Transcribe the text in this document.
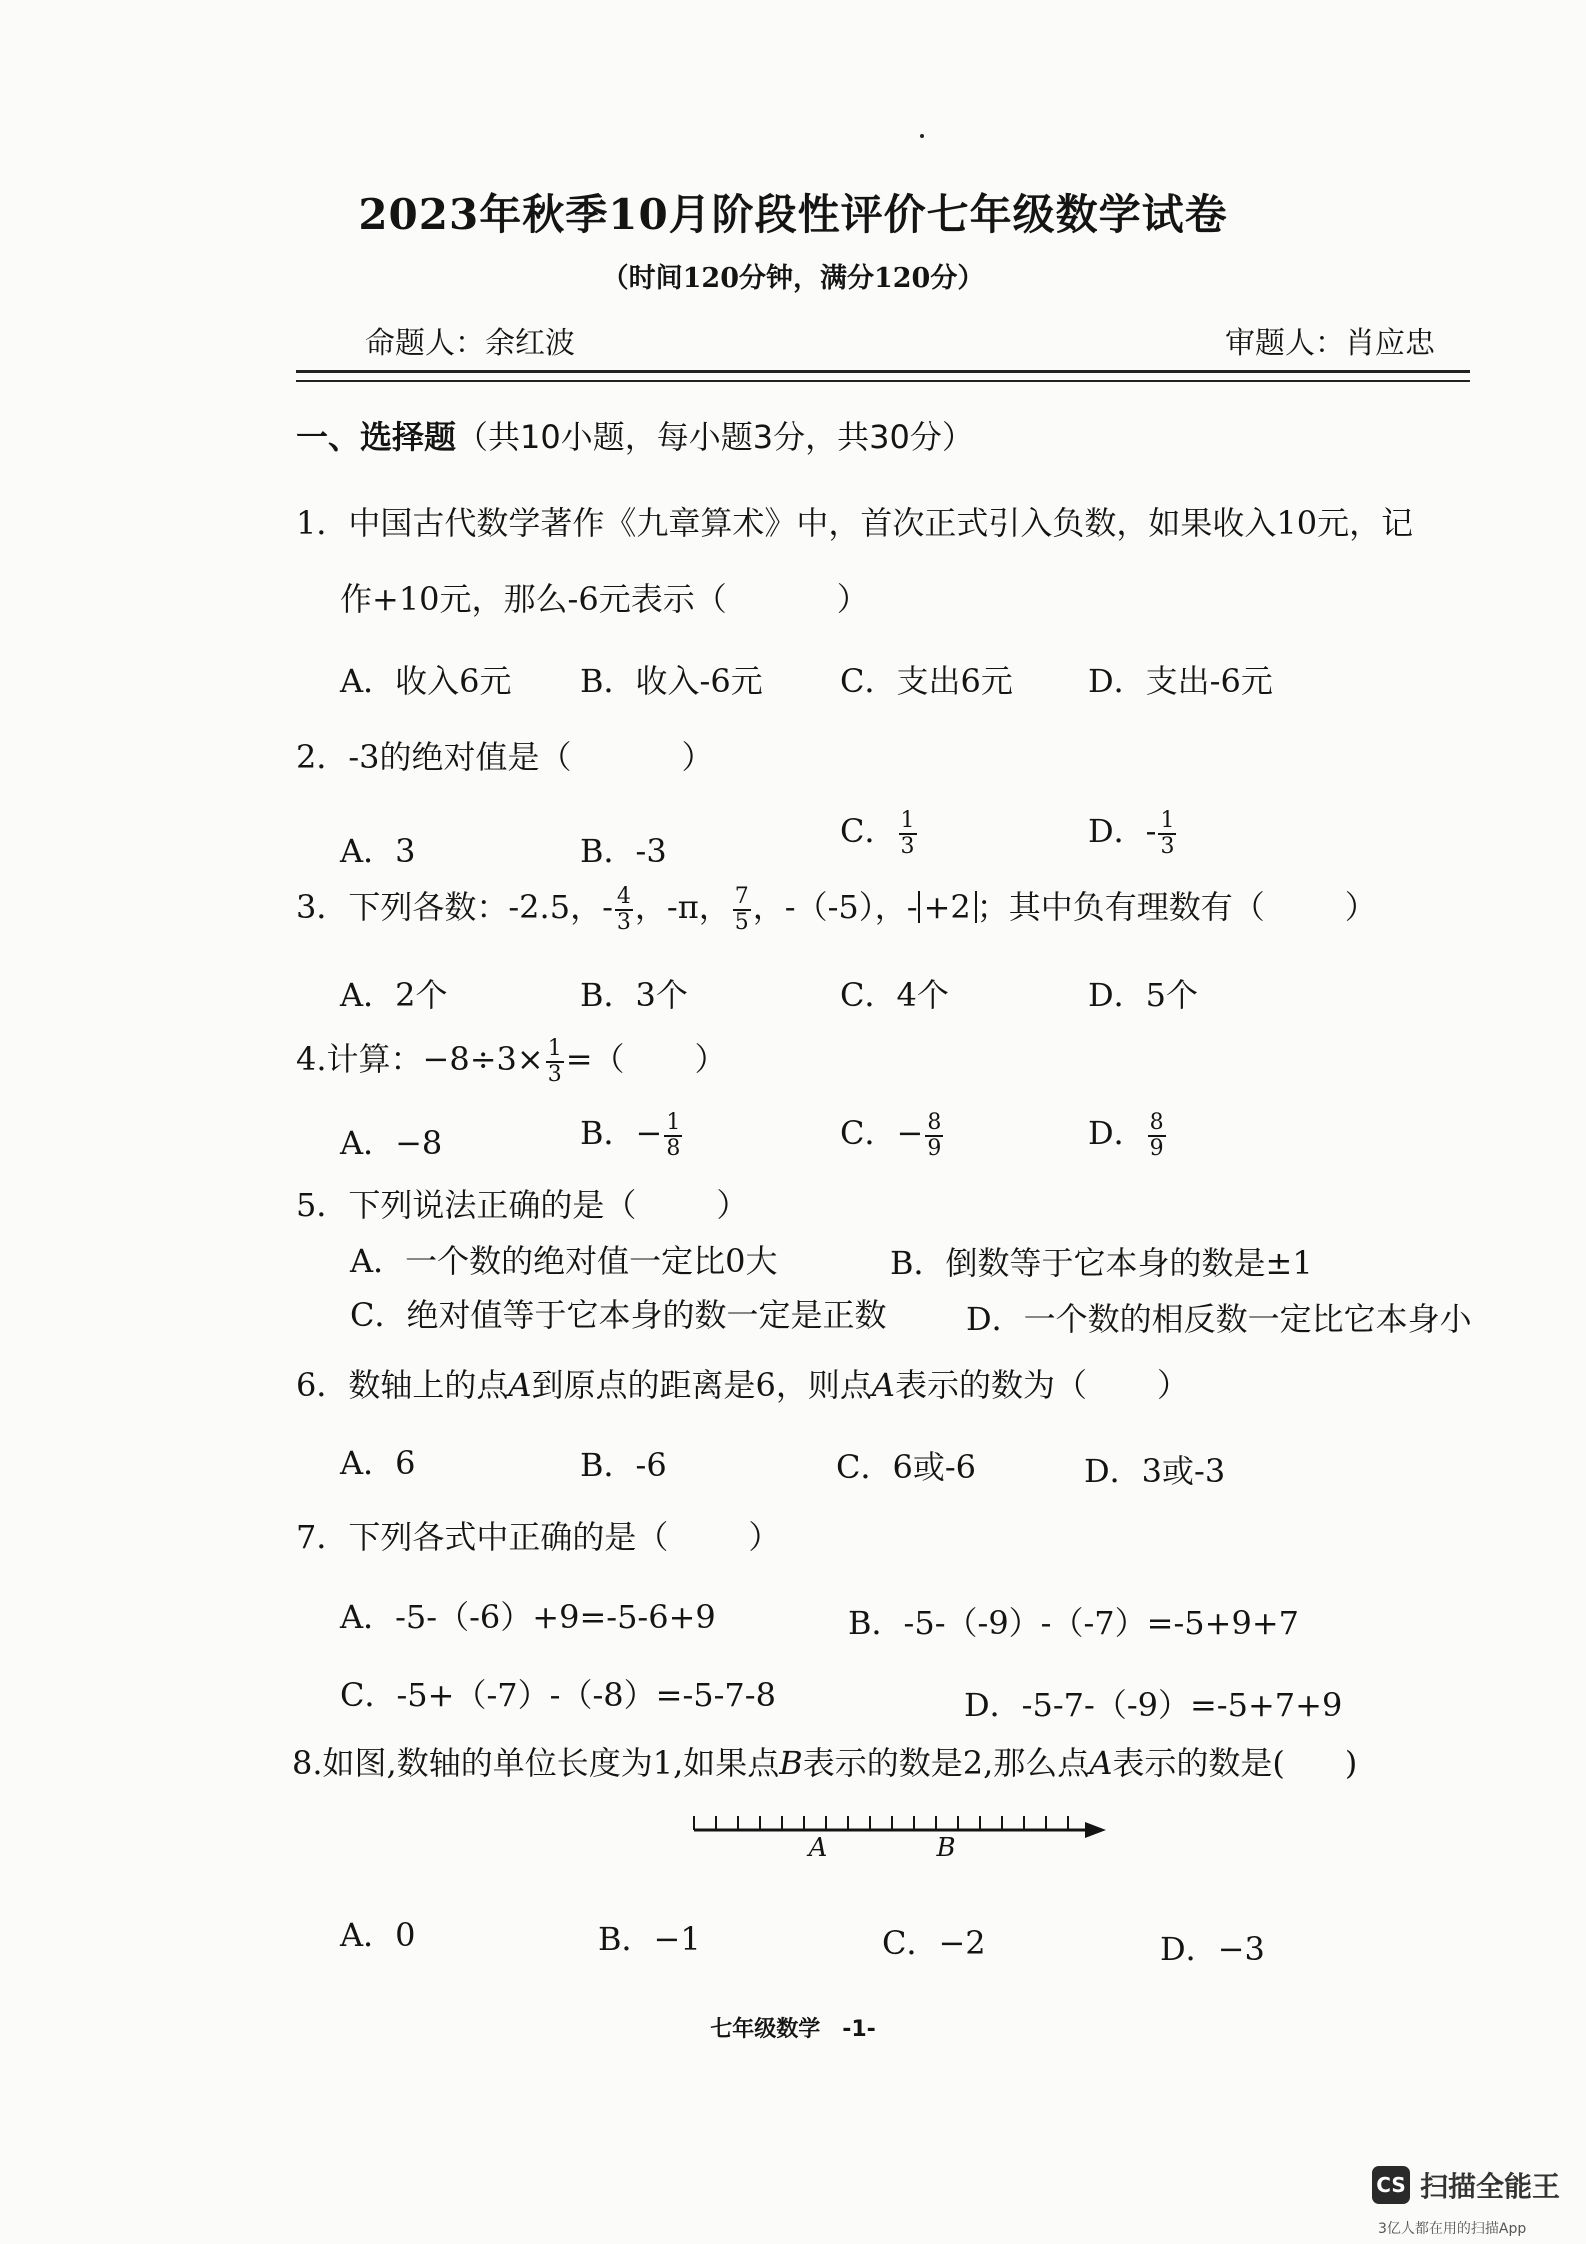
2023年秋季10月阶段性评价七年级数学试卷
（时间120分钟，满分120分）
命题人：余红波	审题人：肖应忠
一、选择题（共10小题，每小题3分，共30分）
1．中国古代数学著作《九章算术》中，首次正式引入负数，如果收入10元，记
作+10元，那么-6元表示（	）
A．收入6元 B．收入-6元 C．支出6元 D．支出-6元
2．-3的绝对值是（	）
A．3	B．-3
C． $\frac{1}{3}$	D．- $\frac{1}{3}$
3．下列各数：-2.5，- $\frac{4}{3}$ ，-π， $\frac{7}{5}$ ，-（-5），- +2 ；其中负有理数有（	）
A．2个	B．3个	C．4个	D．5个
4.计算：$-8\div 3\times \frac{1}{3}$ =（ ）
A．−8	B．− $\frac{1}{8}$	C．− $\frac{8}{9}$	D． $\frac{8}{9}$
5．下列说法正确的是（	）
A．一个数的绝对值一定比0大	B．倒数等于它本身的数是±1
C．绝对值等于它本身的数一定是正数 D．一个数的相反数一定比它本身小
6．数轴上的点A到原点的距离是6，则点A表示的数为（ ）
A．6	B．-6	C．6或-6	D．3或-3
7．下列各式中正确的是（	）
A．-5-（-6）+9=-5-6+9	B．-5-（-9）-（-7）=-5+9+7
C．-5+（-7）-（-8）=-5-7-8	D．-5-7-（-9）=-5+7+9
8.如图,数轴的单位长度为1,如果点B表示的数是2,那么点A表示的数是( )
A	B
A．0	B．−1	C．−2	D．−3
七年级数学　-1-
CS 扫描全能王
3亿人都在用的扫描App
